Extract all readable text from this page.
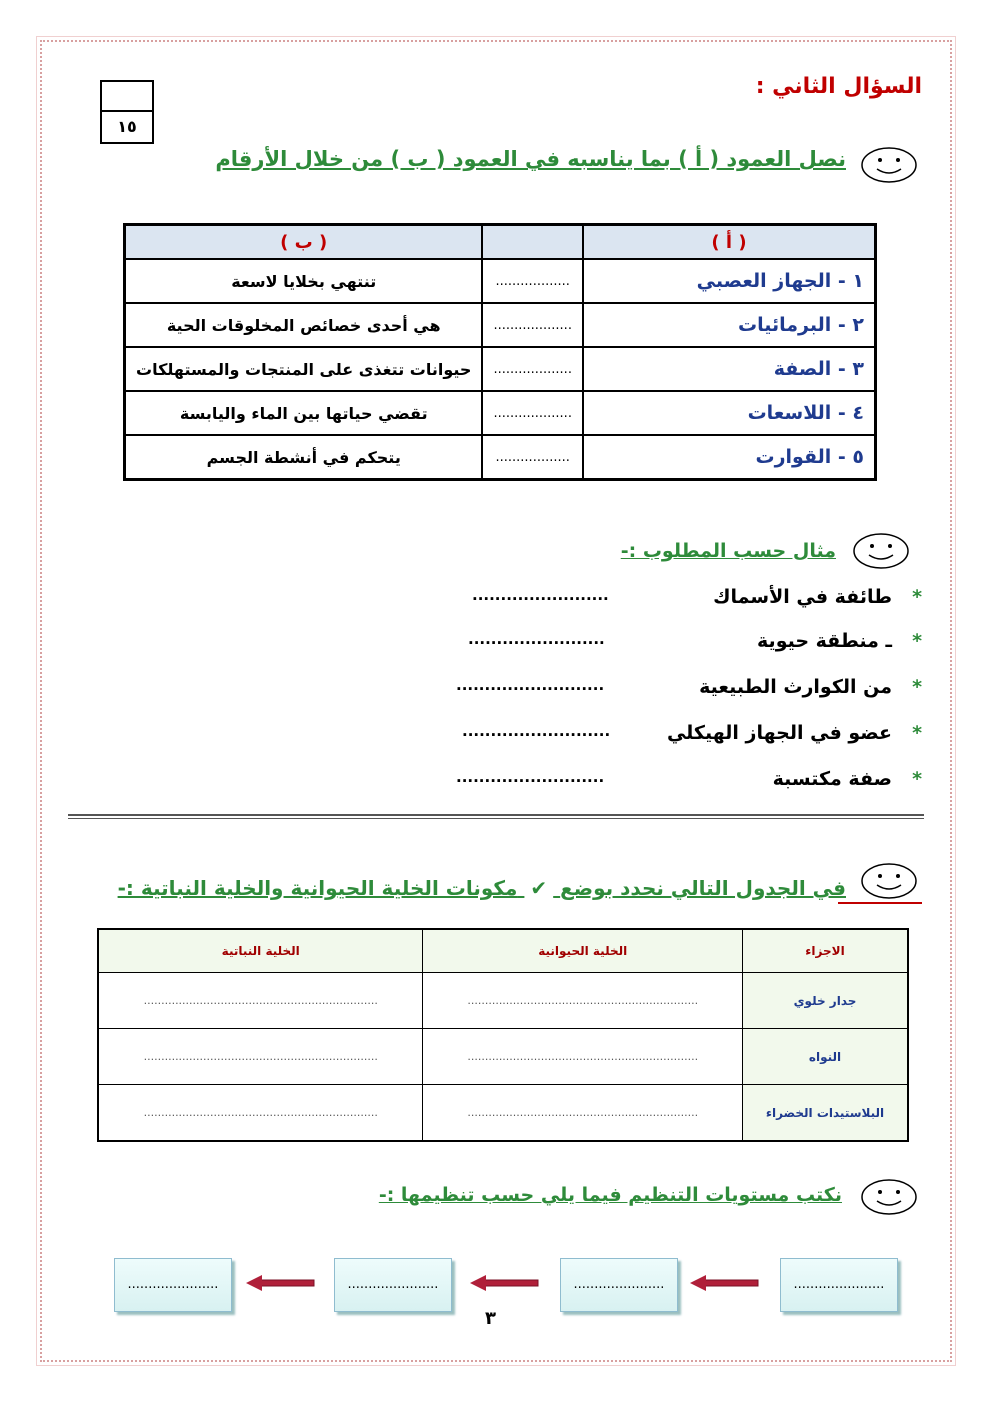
١٥
السؤال الثاني :
نصل العمود ( أ ) بما يناسبه في العمود ( ب ) من خلال الأرقام
( أ )		( ب )
١ - الجهاز العصبي	..................	تنتهي بخلايا لاسعة
٢ - البرمائيات	...................	هي أحدى خصائص المخلوقات الحية
٣ - الصفة	...................	حيوانات تتغذى على المنتجات والمستهلكات
٤ - اللاسعات	...................	تقضي حياتها بين الماء واليابسة
٥ - القوارت	..................	يتحكم في أنشطة الجسم
مثال حسب المطلوب :-
*
طائفة في الأسماك
........................
*
ـ منطقة حيوية
........................
*
من الكوارث الطبيعية
..........................
*
عضو في الجهاز الهيكلي
..........................
*
صفة مكتسبة
..........................
في الجدول التالي نحدد بوضع ✔ مكونات الخلية الحيوانية والخلية النباتية :-
الاجزاء	الخلية الحيوانية	الخلية النباتية
جدار خلوي	..................................................................	...................................................................
النواه	..................................................................	...................................................................
البلاستيدات الخضراء	..................................................................	...................................................................
نكتب مستويات التنظيم فيما يلي حسب تنظيمها :-
......................
......................
......................
......................
٣
